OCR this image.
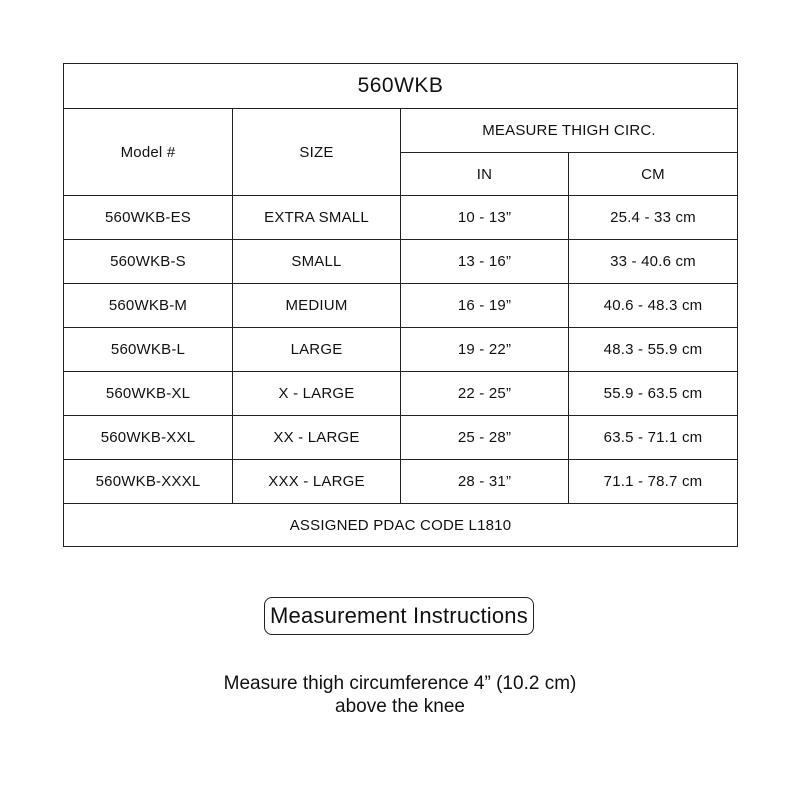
560WKB			
Model #	SIZE	MEASURE THIGH CIRC.	
		IN	CM
560WKB-ES	EXTRA SMALL	10 - 13”	25.4 - 33 cm
560WKB-S	SMALL	13 - 16”	33 - 40.6 cm
560WKB-M	MEDIUM	16 - 19”	40.6 - 48.3 cm
560WKB-L	LARGE	19 - 22”	48.3 - 55.9 cm
560WKB-XL	X - LARGE	22 - 25”	55.9 - 63.5 cm
560WKB-XXL	XX - LARGE	25 - 28”	63.5 - 71.1 cm
560WKB-XXXL	XXX - LARGE	28 - 31”	71.1 - 78.7 cm
ASSIGNED PDAC CODE L1810			
Measurement Instructions
Measure thigh circumference 4” (10.2 cm)
above the knee
